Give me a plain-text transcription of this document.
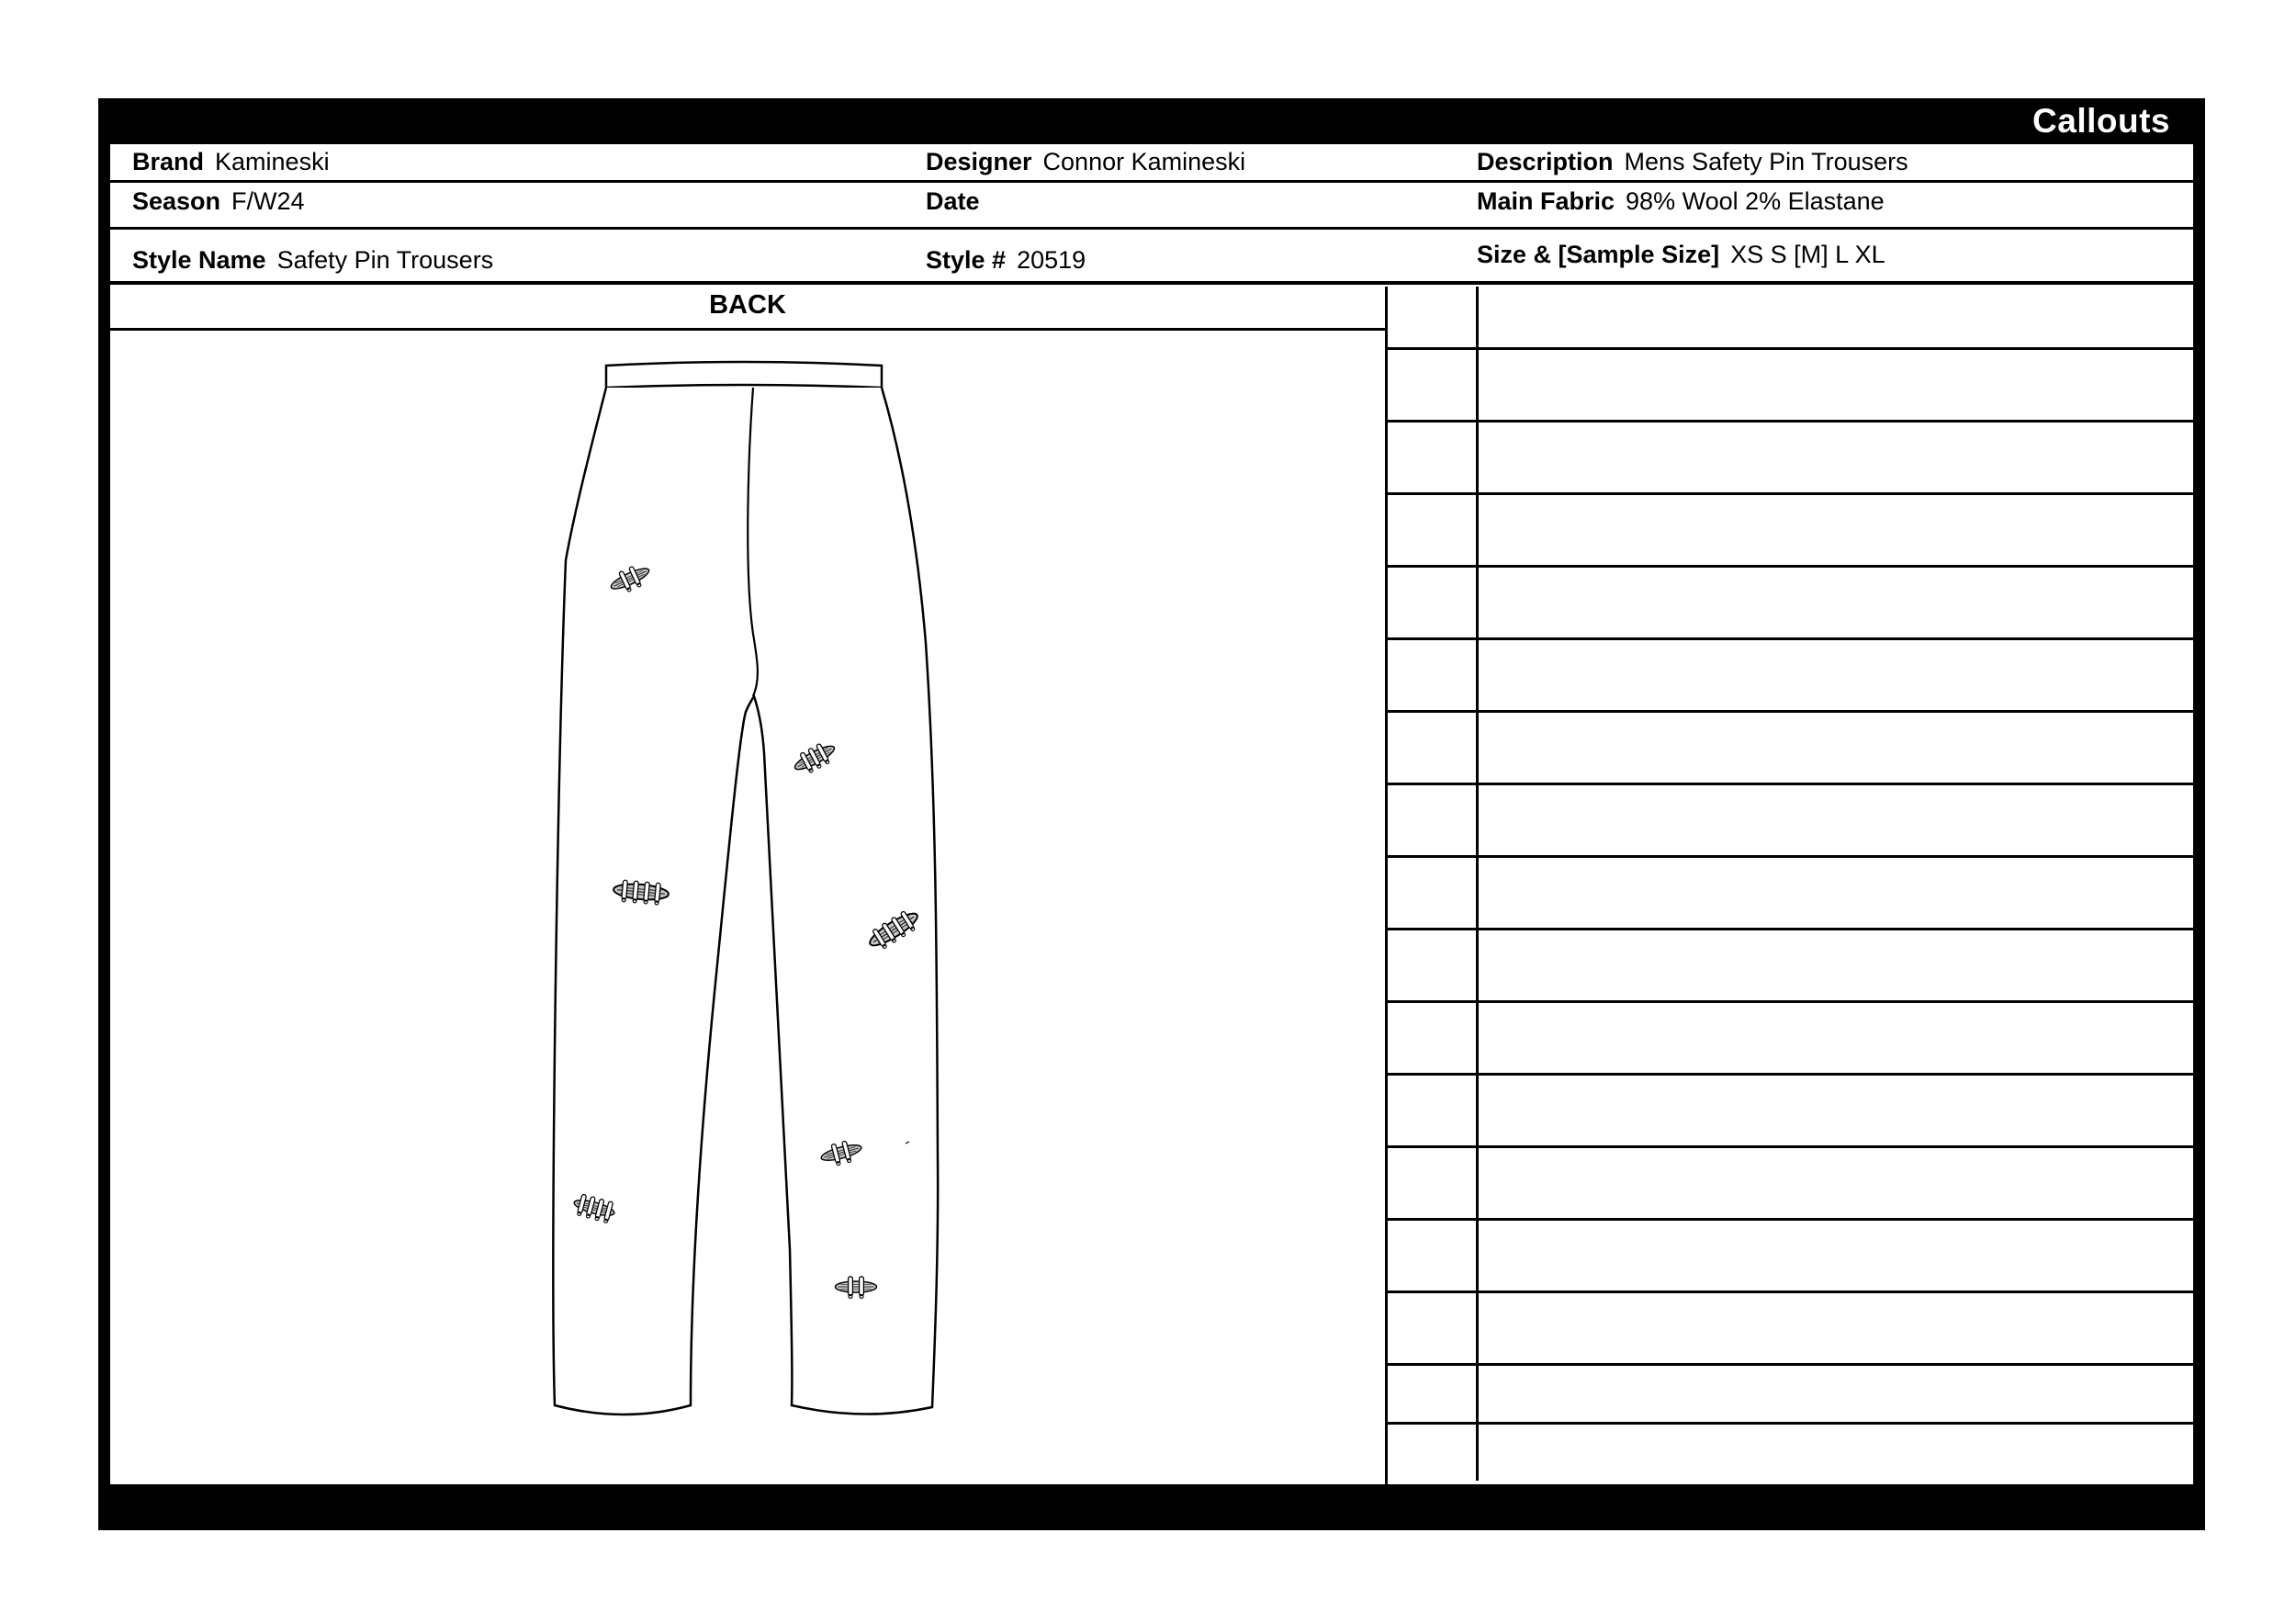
Callouts
Brand Kamineski	Designer Connor Kamineski	Description Mens Safety Pin Trousers
Season F/W24	Date	Main Fabric 98% Wool 2% Elastane
Style Name Safety Pin Trousers	Style # 20519	Size & [Sample Size] XS S [M] L XL
BACK
